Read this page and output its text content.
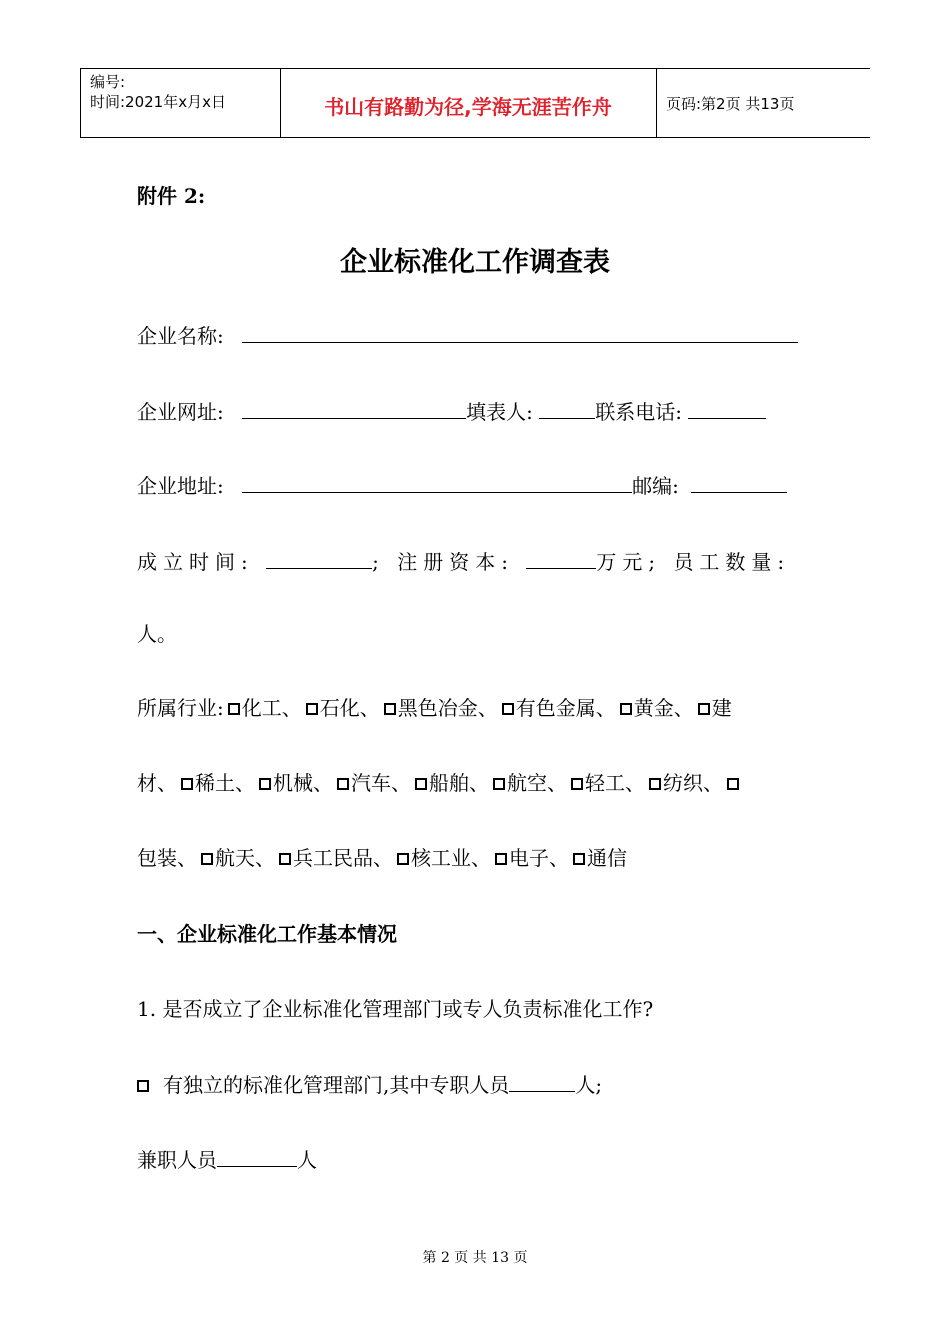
编号:
时间:2021年x月x日	书山有路勤为径,学海无涯苦作舟	页码:第2页 共13页
附件 2:
企业标准化工作调查表
企业名称:
企业网址:	填表人:	联系电话:
企业地址:	邮编:
成立时间:	; 注册资本:	万元; 员工数量:
人。
所属行业: 化工、 石化、 黑色冶金、 有色金属、 黄金、 建
材、 稀土、 机械、 汽车、 船舶、 航空、 轻工、 纺织、
包装、 航天、 兵工民品、 核工业、 电子、 通信
一、企业标准化工作基本情况
1. 是否成立了企业标准化管理部门或专人负责标准化工作?
有独立的标准化管理部门,其中专职人员	人;
兼职人员	人
第 2 页 共 13 页
